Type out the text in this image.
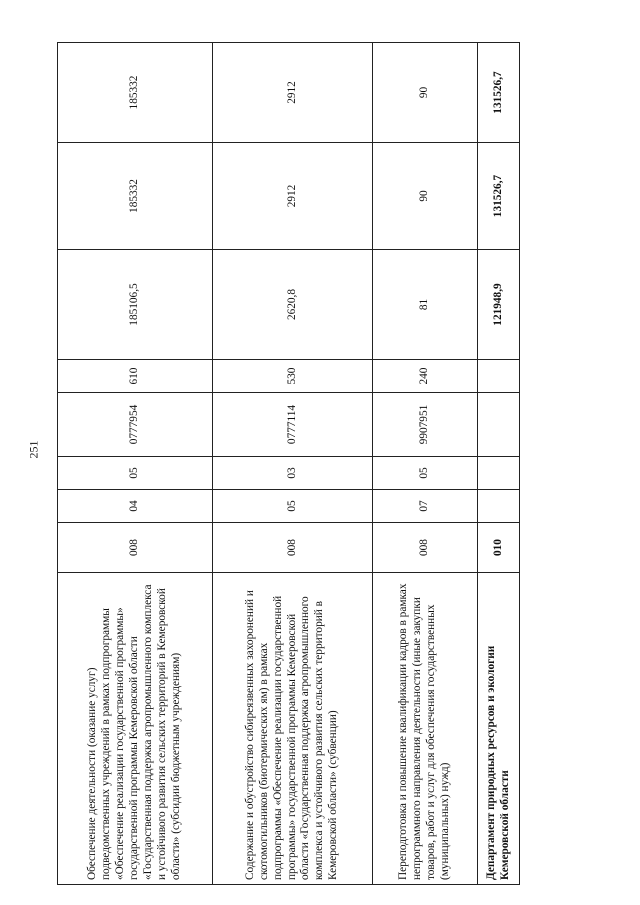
251
Обеспечение деятельности (оказание услуг) подведомственных учреждений в рамках подпрограммы «Обеспечение реализации государственной программы» государственной программы Кемеровской области «Государственная поддержка агропромышленного комплекса и устойчивого развития сельских территорий в Кемеровской области» (субсидии бюджетным учреждениям)	008	04	05	0777954	610	185106,5	185332	185332
Содержание и обустройство сибиреязвенных захоронений и скотомогильников (биотермических ям) в рамках подпрограммы «Обеспечение реализации государственной программы» государственной программы Кемеровской области «Государственная поддержка агропромышленного комплекса и устойчивого развития сельских территорий в Кемеровской области» (субвенции)	008	05	03	0777114	530	2620,8	2912	2912
Переподготовка и повышение квалификации кадров в рамках непрограммного направления деятельности (иные закупки товаров, работ и услуг для обеспечения государственных (муниципальных) нужд)	008	07	05	9907951	240	81	90	90
Департамент природных ресурсов и экологии Кемеровской области	010					121948,9	131526,7	131526,7
